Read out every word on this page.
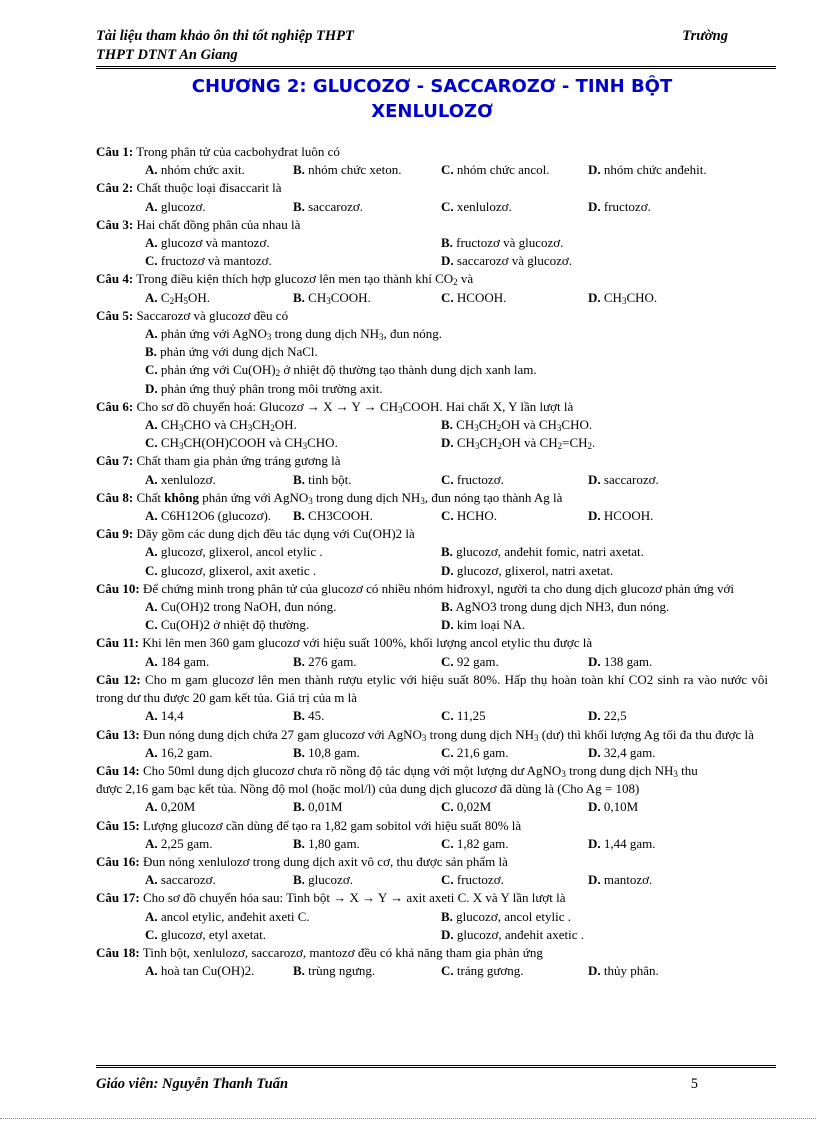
Tài liệu tham khảo ôn thi tốt nghiệp THPT	Trường
THPT DTNT An Giang
CHƯƠNG 2: GLUCOZƠ - SACCAROZƠ - TINH BỘT
XENLULOZƠ
Câu 1: Trong phân tử của cacbohyđrat luôn có
A. nhóm chức axit.	B. nhóm chức xeton.	C. nhóm chức ancol.	D. nhóm chức anđehit.
Câu 2: Chất thuộc loại đisaccarit là
A. glucozơ.	B. saccarozơ.	C. xenlulozơ.	D. fructozơ.
Câu 3: Hai chất đồng phân của nhau là
A. glucozơ và mantozơ.	B. fructozơ và glucozơ.
C. fructozơ và mantozơ.	D. saccarozơ và glucozơ.
Câu 4: Trong điều kiện thích hợp glucozơ lên men tạo thành khí $CO_2$ và
A. $C_2H_5OH$.	B. $CH_3COOH$.	C. HCOOH.	D. $CH_3CHO$.
Câu 5: Saccarozơ và glucozơ đều có
A. phản ứng với AgNO$_3$ trong dung dịch $NH_3$, đun nóng.
B. phản ứng với dung dịch NaCl.
C. phản ứng với $Cu(OH)_2$ ở nhiệt độ thường tạo thành dung dịch xanh lam.
D. phản ứng thuỷ phân trong môi trường axit.
Câu 6: Cho sơ đồ chuyển hoá: Glucozơ → $X \to Y \to CH_3COOH$. Hai chất X, Y lần lượt là
A. $CH_3CHO$ và $CH_3CH_2OH$.	B. $CH_3CH_2OH$ và $CH_3CHO$.
C. $CH_3CH(OH)COOH$ và $CH_3CHO$.	D. $CH_3CH_2OH$ và $CH_2=CH_2$.
Câu 7: Chất tham gia phản ứng tráng gương là
A. xenlulozơ.	B. tinh bột.	C. fructozơ.	D. saccarozơ.
Câu 8: Chất không phản ứng với AgNO$_3$ trong dung dịch $NH_3$, đun nóng tạo thành Ag là
A. C6H12O6 (glucozơ).	B. CH3COOH.	C. HCHO.	D. HCOOH.
Câu 9: Dãy gồm các dung dịch đều tác dụng với Cu(OH)2 là
A. glucozơ, glixerol, ancol etylic .	B. glucozơ, anđehit fomic, natri axetat.
C. glucozơ, glixerol, axit axetic .	D. glucozơ, glixerol, natri axetat.
Câu 10: Để chứng minh trong phân tử của glucozơ có nhiều nhóm hiđroxyl, người ta cho dung dịch glucozơ phản ứng với
A. Cu(OH)2 trong NaOH, đun nóng.	B. AgNO3 trong dung dịch NH3, đun nóng.
C. Cu(OH)2 ở nhiệt độ thường.	D. kim loại NA.
Câu 11: Khi lên men 360 gam glucozơ với hiệu suất 100%, khối lượng ancol etylic thu được là
A. 184 gam.	B. 276 gam.	C. 92 gam.	D. 138 gam.
Câu 12: Cho m gam glucozơ lên men thành rượu etylic với hiệu suất 80%. Hấp thụ hoàn toàn khí CO2 sinh ra vào nước vôi trong dư thu được 20 gam kết tủa. Giá trị của m là
A. 14,4	B. 45.	C. 11,25	D. 22,5
Câu 13: Đun nóng dung dịch chứa 27 gam glucozơ với AgNO$_3$ trong dung dịch $NH_3$ (dư) thì khối lượng Ag tối đa thu được là
A. 16,2 gam.	B. 10,8 gam.	C. 21,6 gam.	D. 32,4 gam.
Câu 14: Cho 50ml dung dịch glucozơ chưa rõ nồng độ tác dụng với một lượng dư AgNO$_3$ trong dung dịch $NH_3$ thu
được 2,16 gam bạc kết tủa. Nồng độ mol (hoặc mol/l) của dung dịch glucozơ đã dùng là (Cho Ag = 108)
A. 0,20M	B. 0,01M	C. 0,02M	D. 0,10M
Câu 15: Lượng glucozơ cần dùng để tạo ra 1,82 gam sobitol với hiệu suất 80% là
A. 2,25 gam.	B. 1,80 gam.	C. 1,82 gam.	D. 1,44 gam.
Câu 16: Đun nóng xenlulozơ trong dung dịch axit vô cơ, thu được sản phẩm là
A. saccarozơ.	B. glucozơ.	C. fructozơ.	D. mantozơ.
Câu 17: Cho sơ đồ chuyển hóa sau: Tinh bột → X → Y → axit axeti C. X và Y lần lượt là
A. ancol etylic, anđehit axeti C.	B. glucozơ, ancol etylic .
C. glucozơ, etyl axetat.	D. glucozơ, anđehit axetic .
Câu 18: Tinh bột, xenlulozơ, saccarozơ, mantozơ đều có khả năng tham gia phản ứng
A. hoà tan Cu(OH)2.	B. trùng ngưng.	C. tráng gương.	D. thủy phân.
Giáo viên: Nguyễn Thanh Tuấn	5
